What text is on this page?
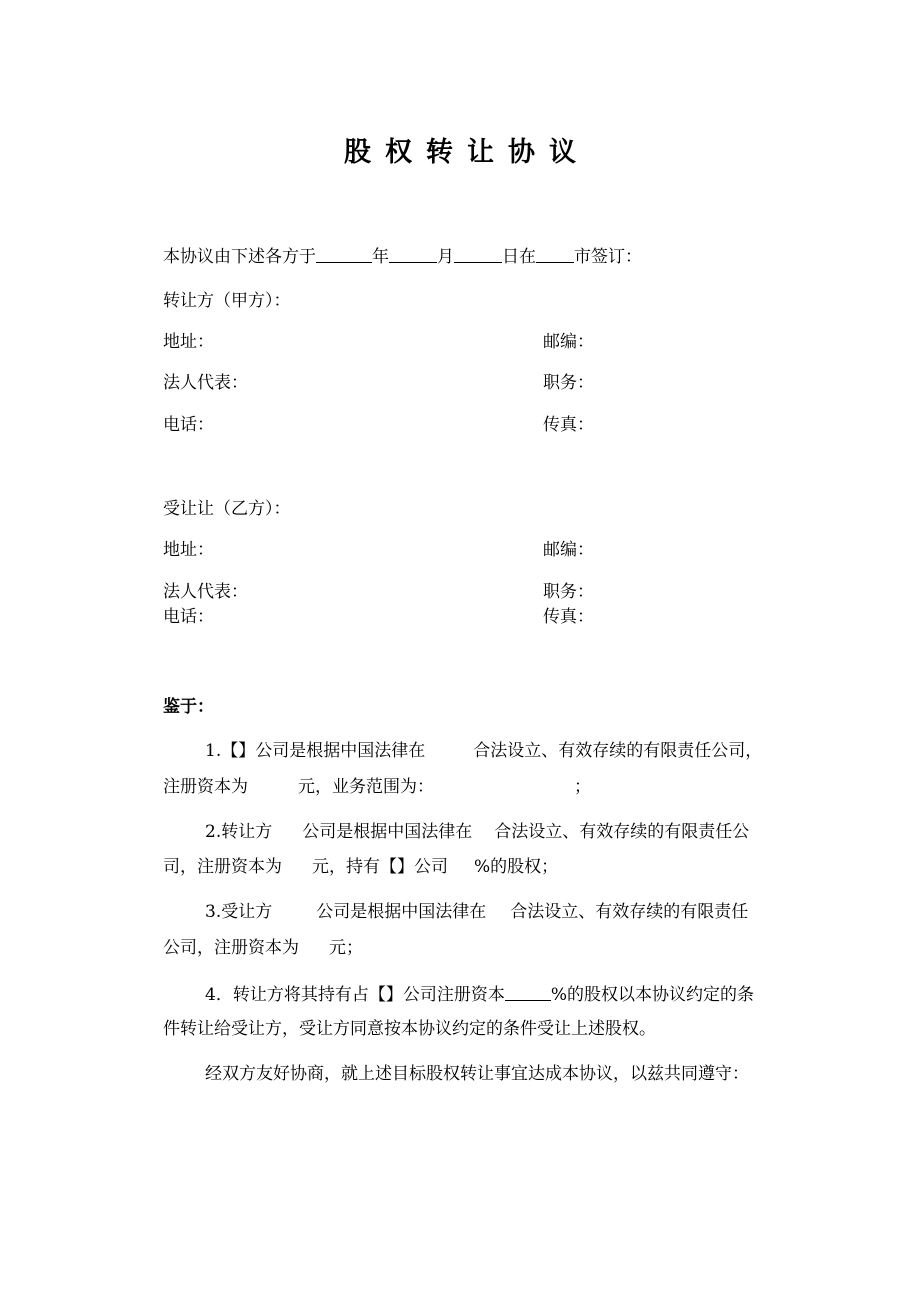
股权转让协议
本协议由下述各方于	年	月	日在 市签订：
转让方（甲方）：
地址：	邮编：
法人代表：	职务：
电话：	传真：
受让让（乙方）：
地址：	邮编：
法人代表：	职务：
电话：	传真：
鉴于：
1.【】公司是根据中国法律在	合法设立、有效存续的有限责任公司，
注册资本为	元，业务范围为：	；
2.转让方 公司是根据中国法律在 合法设立、有效存续的有限责任公
司，注册资本为 元，持有【】公司 %的股权；
3.受让方	公司是根据中国法律在 合法设立、有效存续的有限责任
公司，注册资本为 元；
4．转让方将其持有占【】公司注册资本	%的股权以本协议约定的条
件转让给受让方，受让方同意按本协议约定的条件受让上述股权。
经双方友好协商，就上述目标股权转让事宜达成本协议，以兹共同遵守：
